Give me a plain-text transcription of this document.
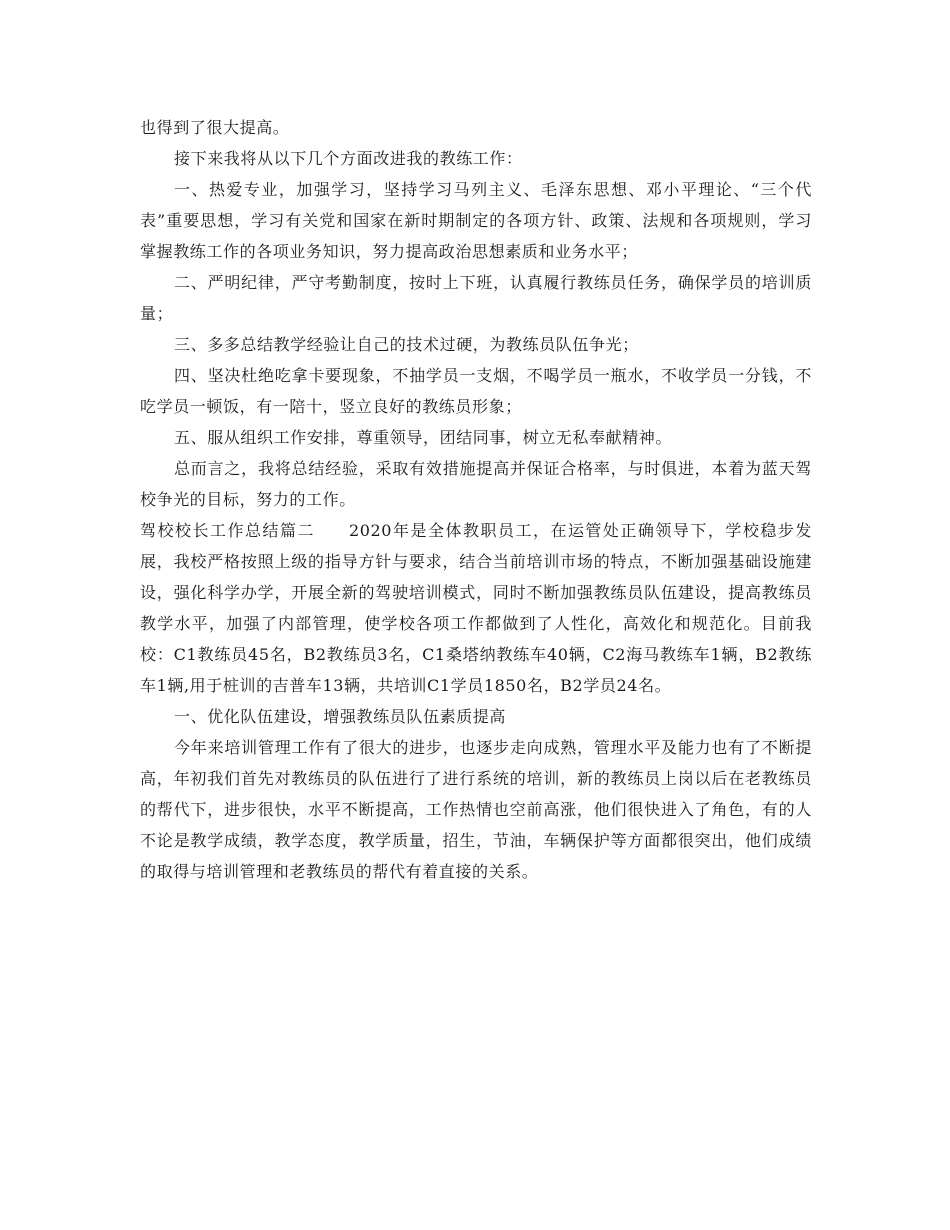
也得到了很大提高。

接下来我将从以下几个方面改进我的教练工作：

一、热爱专业，加强学习，坚持学习马列主义、毛泽东思想、邓小平理论、“三个代表”重要思想，学习有关党和国家在新时期制定的各项方针、政策、法规和各项规则，学习掌握教练工作的各项业务知识，努力提高政治思想素质和业务水平；

二、严明纪律，严守考勤制度，按时上下班，认真履行教练员任务，确保学员的培训质量；

三、多多总结教学经验让自己的技术过硬，为教练员队伍争光；

四、坚决杜绝吃拿卡要现象，不抽学员一支烟，不喝学员一瓶水，不收学员一分钱，不吃学员一顿饭，有一陪十，竖立良好的教练员形象；

五、服从组织工作安排，尊重领导，团结同事，树立无私奉献精神。

总而言之，我将总结经验，采取有效措施提高并保证合格率，与时俱进，本着为蓝天驾校争光的目标，努力的工作。

驾校校长工作总结篇二 2020年是全体教职员工，在运管处正确领导下，学校稳步发展，我校严格按照上级的指导方针与要求，结合当前培训市场的特点，不断加强基础设施建设，强化科学办学，开展全新的驾驶培训模式，同时不断加强教练员队伍建设，提高教练员教学水平，加强了内部管理，使学校各项工作都做到了人性化，高效化和规范化。目前我校：C1教练员45名，B2教练员3名，C1桑塔纳教练车40辆，C2海马教练车1辆，B2教练车1辆,用于桩训的吉普车13辆，共培训C1学员1850名，B2学员24名。

一、优化队伍建设，增强教练员队伍素质提高

今年来培训管理工作有了很大的进步，也逐步走向成熟，管理水平及能力也有了不断提高，年初我们首先对教练员的队伍进行了进行系统的培训，新的教练员上岗以后在老教练员的帮代下，进步很快，水平不断提高，工作热情也空前高涨，他们很快进入了角色，有的人不论是教学成绩，教学态度，教学质量，招生，节油，车辆保护等方面都很突出，他们成绩的取得与培训管理和老教练员的帮代有着直接的关系。
